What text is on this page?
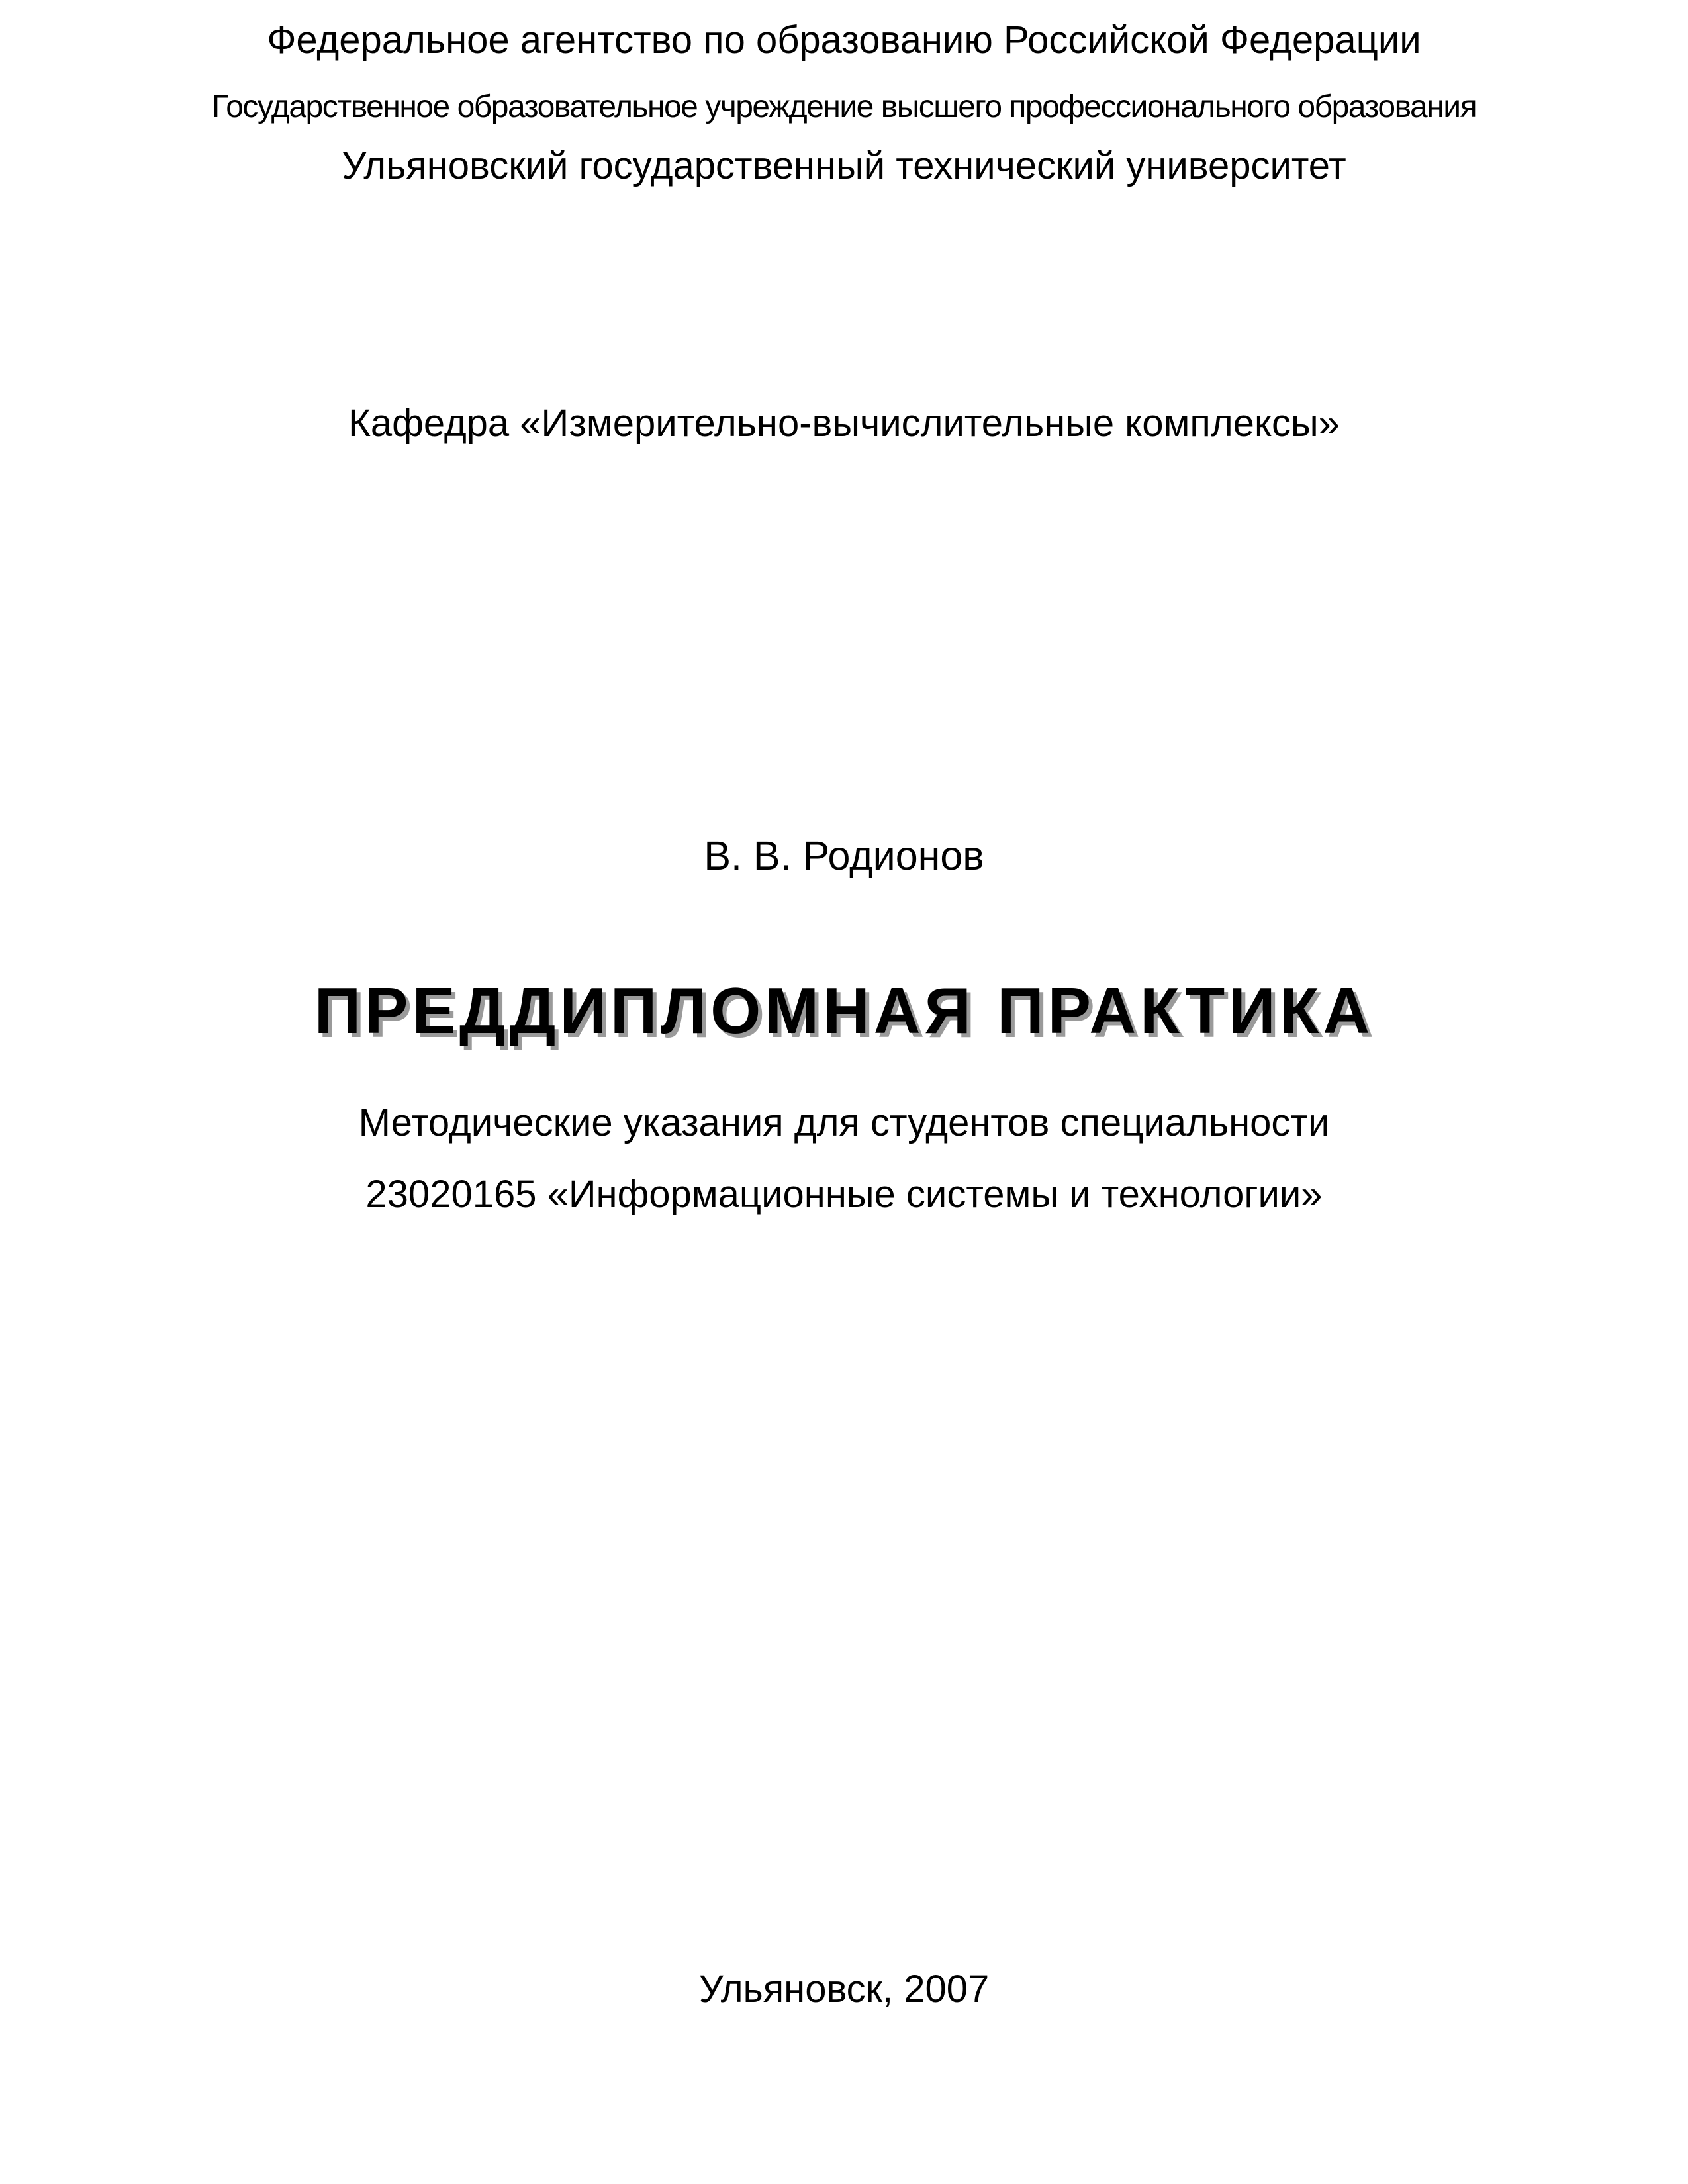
Федеральное агентство по образованию Российской Федерации
Государственное образовательное учреждение высшего профессионального образования
Ульяновский государственный технический университет
Кафедра «Измерительно-вычислительные комплексы»
В. В. Родионов
ПРЕДДИПЛОМНАЯ ПРАКТИКА
Методические указания для студентов специальности
23020165 «Информационные системы и технологии»
Ульяновск, 2007
